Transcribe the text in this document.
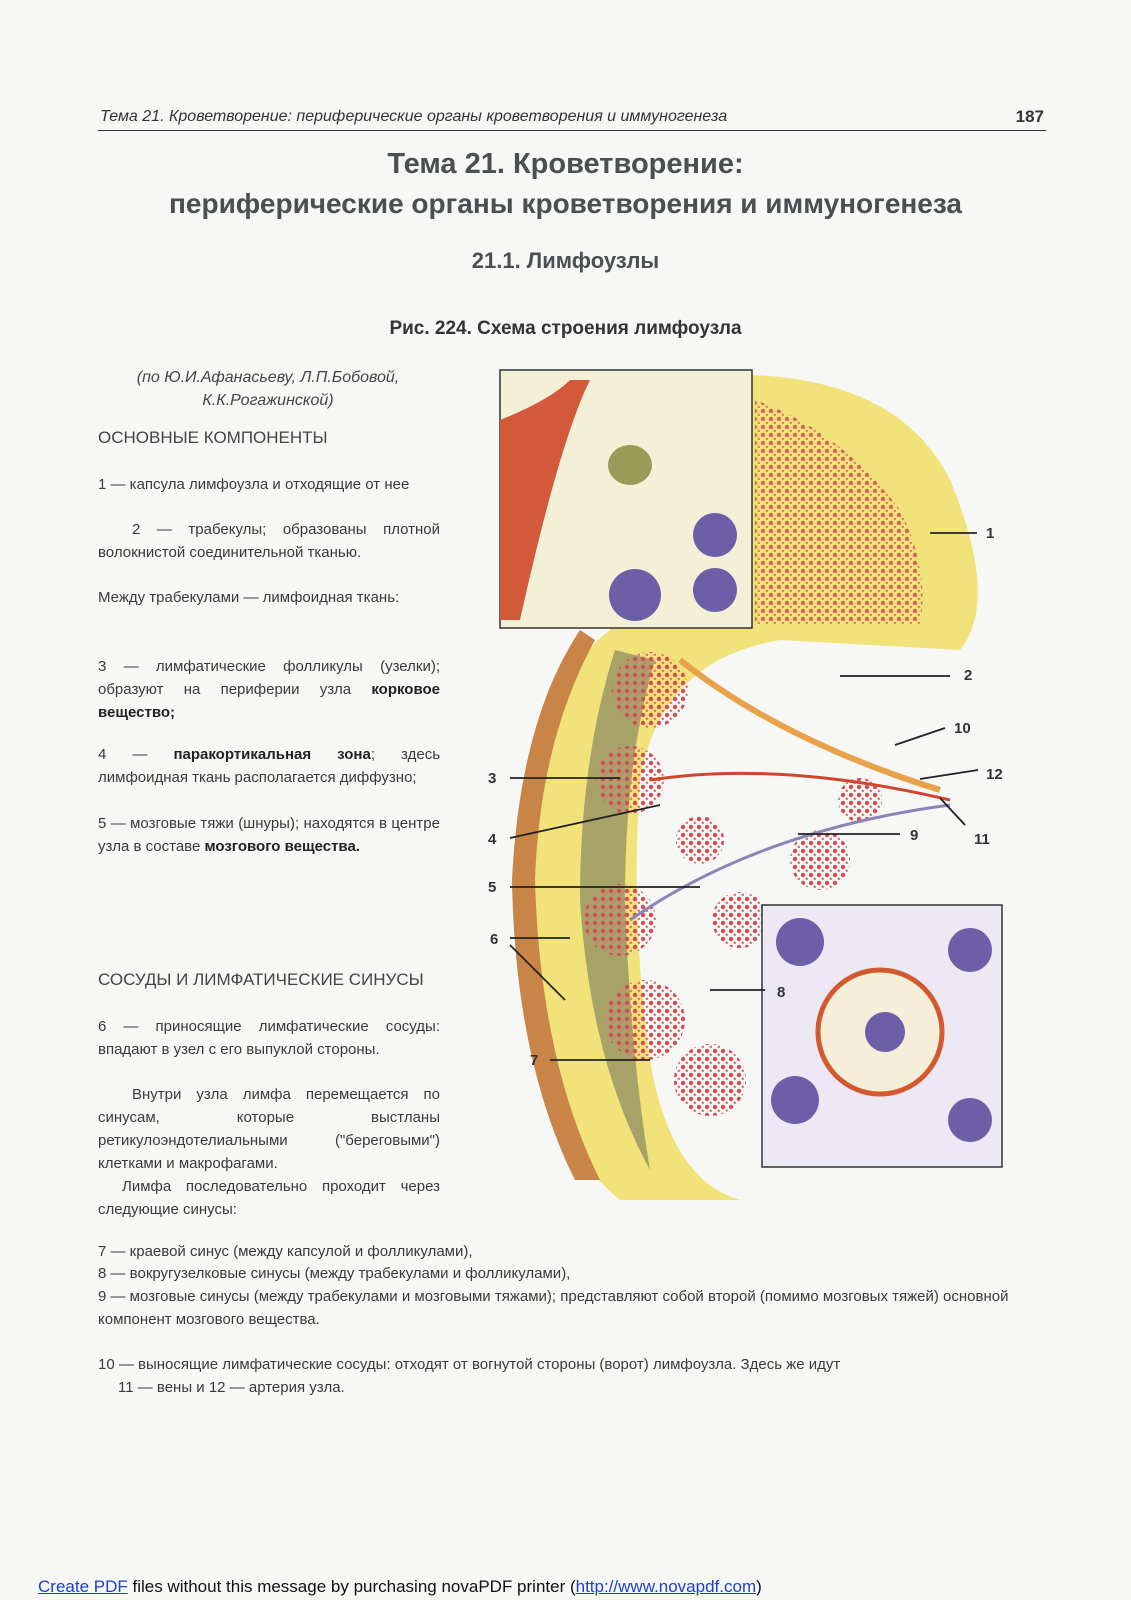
Тема 21. Кроветворение: периферические органы кроветворения и иммуногенеза	187
Тема 21. Кроветворение:
периферические органы кроветворения и иммуногенеза
21.1. Лимфоузлы
Рис. 224. Схема строения лимфоузла
(по Ю.И.Афанасьеву, Л.П.Бобовой,
К.К.Рогажинской)
ОСНОВНЫЕ КОМПОНЕНТЫ
1 — капсула лимфоузла и отходящие от нее
2 — трабекулы; образованы плотной волокнистой соединительной тканью.
Между трабекулами — лимфоидная ткань:
3 — лимфатические фолликулы (узелки); образуют на периферии узла корковое вещество;
4 — паракортикальная зона; здесь лимфоидная ткань располагается диффузно;
5 — мозговые тяжи (шнуры); находятся в центре узла в составе мозгового вещества.
СОСУДЫ И ЛИМФАТИЧЕСКИЕ СИНУСЫ
6 — приносящие лимфатические сосуды: впадают в узел с его выпуклой стороны.
Внутри узла лимфа перемещается по синусам, которые выстланы ретикулоэндотелиальными ("береговыми") клетками и макрофагами.
Лимфа последовательно проходит через следующие синусы:
1
2
10
3	12
4	9	11
5
6
8
7
7 — краевой синус (между капсулой и фолликулами),
8 — вокругузелковые синусы (между трабекулами и фолликулами),
9 — мозговые синусы (между трабекулами и мозговыми тяжами); представляют собой второй (помимо мозговых тяжей) основной компонент мозгового вещества.
10 — выносящие лимфатические сосуды: отходят от вогнутой стороны (ворот) лимфоузла. Здесь же идут
11 — вены и 12 — артерия узла.
Create PDF files without this message by purchasing novaPDF printer (http://www.novapdf.com)
